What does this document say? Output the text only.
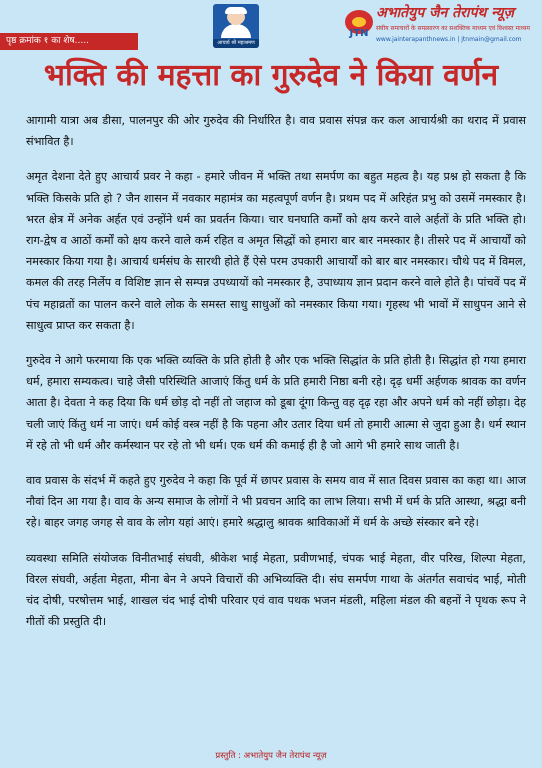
पृष्ठ क्रमांक १ का शेष.....	आचार्य श्री महाश्रमण
JTN
अभातेयुप जैन तेरापंथ न्यूज़
संघीय समाचारों के सम्प्रसारण का सशक्तिक माध्यम एवं विश्वस्त माध्यम
www.jainterapanthnews.in | jtnmain@gmail.com
भक्ति की महत्ता का गुरुदेव ने किया वर्णन

आगामी यात्रा अब डीसा, पालनपुर की ओर गुरुदेव की निर्धारित है। वाव प्रवास संपन्न कर कल आचार्यश्री का थराद में प्रवास संभावित है।

अमृत देशना देते हुए आचार्य प्रवर ने कहा - हमारे जीवन में भक्ति तथा समर्पण का बहुत महत्व है। यह प्रश्न हो सकता है कि भक्ति किसके प्रति हो ? जैन शासन में नवकार महामंत्र का महत्वपूर्ण वर्णन है। प्रथम पद में अरिहंत प्रभु को उसमें नमस्कार है। भरत क्षेत्र में अनेक अर्हत एवं उन्होंने धर्म का प्रवर्तन किया। चार घनघाति कर्मों को क्षय करने वाले अर्हतों के प्रति भक्ति हो। राग-द्वेष व आठों कर्मों को क्षय करने वाले कर्म रहित व अमृत सिद्धों को हमारा बार बार नमस्कार है। तीसरे पद में आचार्यों को नमस्कार किया गया है। आचार्य धर्मसंघ के सारथी होते हैं ऐसे परम उपकारी आचार्यों को बार बार नमस्कार। चौथे पद में विमल, कमल की तरह निर्लेप व विशिष्ट ज्ञान से सम्पन्न उपध्यायों को नमस्कार है, उपाध्याय ज्ञान प्रदान करने वाले होते है। पांचवें पद में पंच महाव्रतों का पालन करने वाले लोक के समस्त साधु साधुओं को नमस्कार किया गया। गृहस्थ भी भावों में साधुपन आने से साधुत्व प्राप्त कर सकता है।

गुरुदेव ने आगे फरमाया कि एक भक्ति व्यक्ति के प्रति होती है और एक भक्ति सिद्धांत के प्रति होती है। सिद्धांत हो गया हमारा धर्म, हमारा सम्यकत्व। चाहे जैसी परिस्थिति आजाएं किंतु धर्म के प्रति हमारी निष्ठा बनी रहे। दृढ़ धर्मी अर्हणक श्रावक का वर्णन आता है। देवता ने कह दिया कि धर्म छोड़ दो नहीं तो जहाज को डूबा दूंगा किन्तु वह दृढ़ रहा और अपने धर्म को नहीं छोड़ा। देह चली जाएं किंतु धर्म ना जाएं। धर्म कोई वस्त्र नहीं है कि पहना और उतार दिया धर्म तो हमारी आत्मा से जुदा हुआ है। धर्म स्थान में रहे तो भी धर्म और कर्मस्थान पर रहे तो भी धर्म। एक धर्म की कमाई ही है जो आगे भी हमारे साथ जाती है।

वाव प्रवास के संदर्भ में कहते हुए गुरुदेव ने कहा कि पूर्व में छापर प्रवास के समय वाव में सात दिवस प्रवास का कहा था। आज नौवां दिन आ गया है। वाव के अन्य समाज के लोगों ने भी प्रवचन आदि का लाभ लिया। सभी में धर्म के प्रति आस्था, श्रद्धा बनी रहे। बाहर जगह जगह से वाव के लोग यहां आएं। हमारे श्रद्धालु श्रावक श्राविकाओं में धर्म के अच्छे संस्कार बने रहे।

व्यवस्था समिति संयोजक विनीतभाई संघवी, श्रीकेश भाई मेहता, प्रवीणभाई, चंपक भाई मेहता, वीर परिख, शिल्पा मेहता, विरल संघवी, अर्हता मेहता, मीना बेन ने अपने विचारों की अभिव्यक्ति दी। संघ समर्पण गाथा के अंतर्गत सवाचंद भाई, मोती चंद दोषी, परषोत्तम भाई, शाखल चंद भाई दोषी परिवार एवं वाव पथक भजन मंडली, महिला मंडल की बहनों ने पृथक रूप ने गीतों की प्रस्तुति दी।

प्रस्तुति : अभातेयुप जैन तेरापंथ न्यूज़
